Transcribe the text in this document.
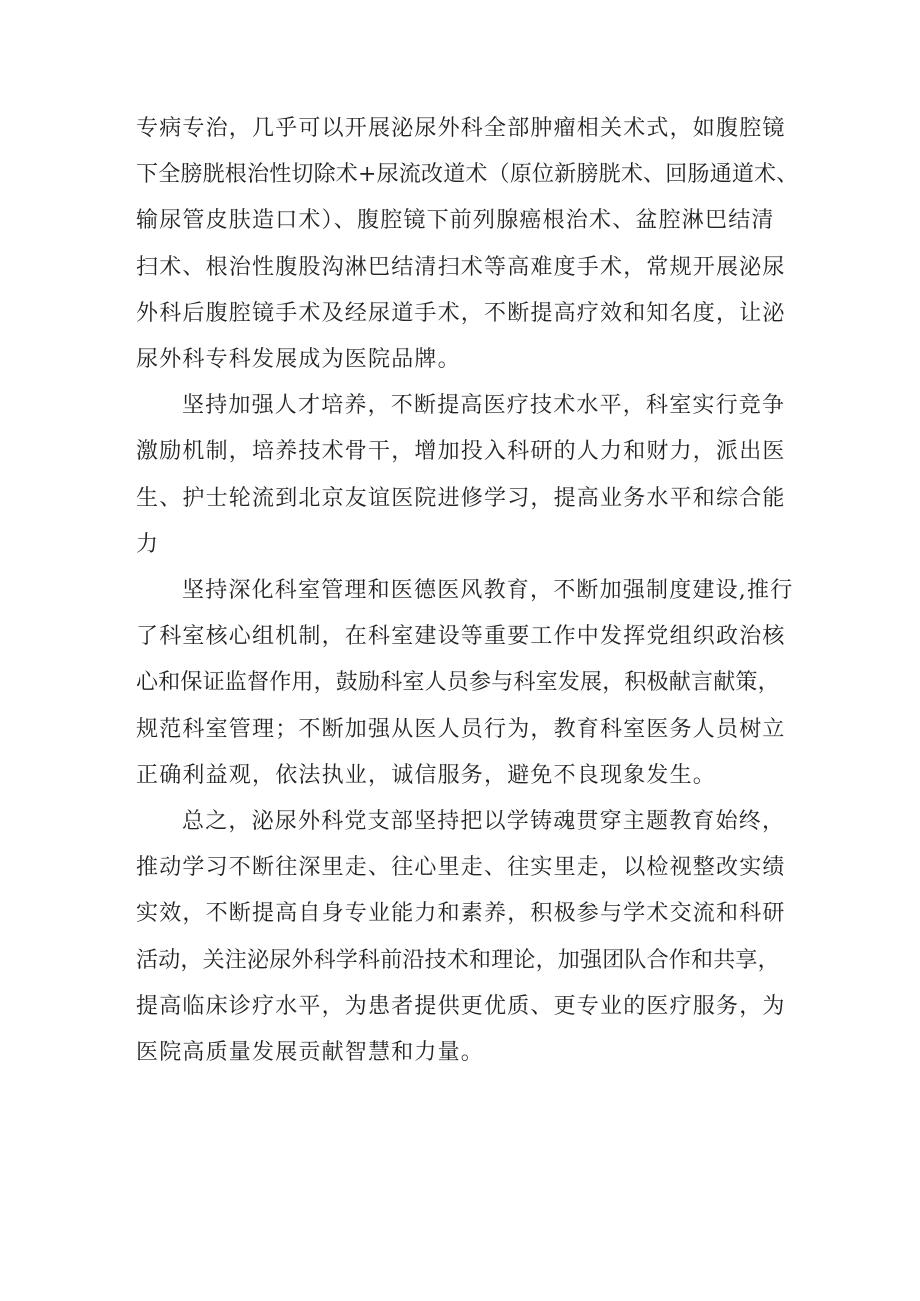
专病专治，几乎可以开展泌尿外科全部肿瘤相关术式，如腹腔镜
下全膀胱根治性切除术+尿流改道术（原位新膀胱术、回肠通道术、
输尿管皮肤造口术）、腹腔镜下前列腺癌根治术、盆腔淋巴结清
扫术、根治性腹股沟淋巴结清扫术等高难度手术，常规开展泌尿
外科后腹腔镜手术及经尿道手术，不断提高疗效和知名度，让泌
尿外科专科发展成为医院品牌。

坚持加强人才培养，不断提高医疗技术水平，科室实行竞争
激励机制，培养技术骨干，增加投入科研的人力和财力，派出医
生、护士轮流到北京友谊医院进修学习，提高业务水平和综合能
力

坚持深化科室管理和医德医风教育，不断加强制度建设,推行
了科室核心组机制，在科室建设等重要工作中发挥党组织政治核
心和保证监督作用，鼓励科室人员参与科室发展，积极献言献策，
规范科室管理；不断加强从医人员行为，教育科室医务人员树立
正确利益观，依法执业，诚信服务，避免不良现象发生。

总之，泌尿外科党支部坚持把以学铸魂贯穿主题教育始终，
推动学习不断往深里走、往心里走、往实里走，以检视整改实绩
实效，不断提高自身专业能力和素养，积极参与学术交流和科研
活动，关注泌尿外科学科前沿技术和理论，加强团队合作和共享，
提高临床诊疗水平，为患者提供更优质、更专业的医疗服务，为
医院高质量发展贡献智慧和力量。
